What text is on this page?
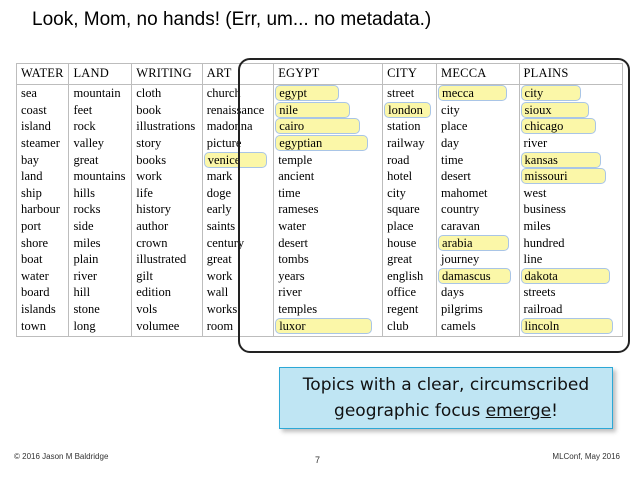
Look, Mom, no hands! (Err, um... no metadata.)
WATER	LAND	WRITING	ART	EGYPT	CITY	MECCA	PLAINS
sea	mountain	cloth	church	egypt	street	mecca	city
coast	feet	book	renaissance	nile	london	city	sioux
island	rock	illustrations	madonna	cairo	station	place	chicago
steamer	valley	story	picture	egyptian	railway	day	river
bay	great	books	venice	temple	road	time	kansas
land	mountains	work	mark	ancient	hotel	desert	missouri
ship	hills	life	doge	time	city	mahomet	west
harbour	rocks	history	early	rameses	square	country	business
port	side	author	saints	water	place	caravan	miles
shore	miles	crown	century	desert	house	arabia	hundred
boat	plain	illustrated	great	tombs	great	journey	line
water	river	gilt	work	years	english	damascus	dakota
board	hill	edition	wall	river	office	days	streets
islands	stone	vols	works	temples	regent	pilgrims	railroad
town	long	volumee	room	luxor	club	camels	lincoln
Topics with a clear, circumscribed
geographic focus emerge!
© 2016 Jason M Baldridge	7	MLConf, May 2016
